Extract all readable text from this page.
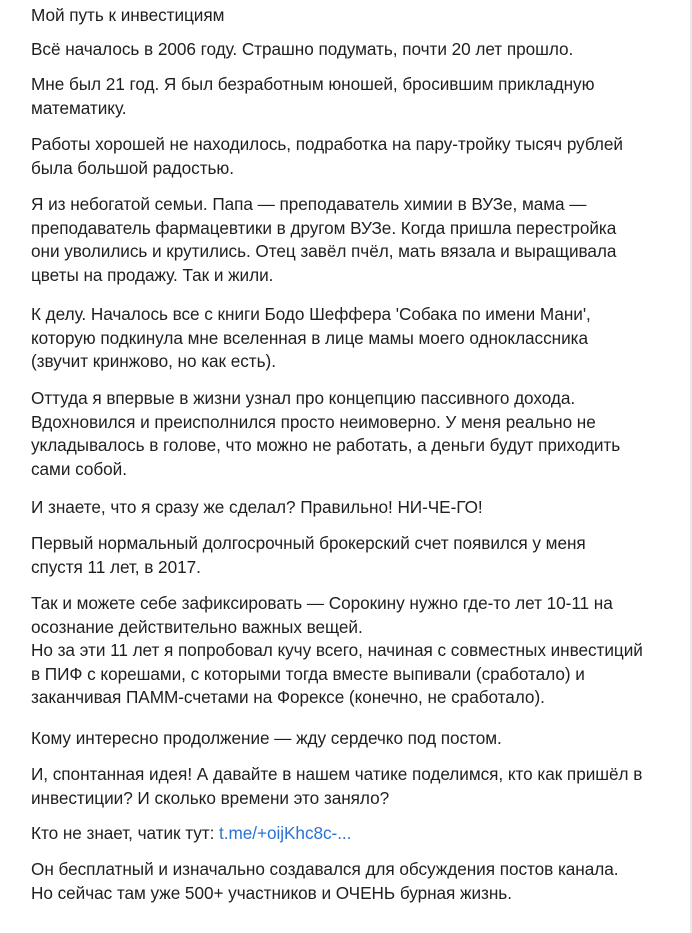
Мой путь к инвестициям

Всё началось в 2006 году. Страшно подумать, почти 20 лет прошло.

Мне был 21 год. Я был безработным юношей, бросившим прикладную
математику.

Работы хорошей не находилось, подработка на пару-тройку тысяч рублей
была большой радостью.

Я из небогатой семьи. Папа — преподаватель химии в ВУЗе, мама —
преподаватель фармацевтики в другом ВУЗе. Когда пришла перестройка
они уволились и крутились. Отец завёл пчёл, мать вязала и выращивала
цветы на продажу. Так и жили.

К делу. Началось все с книги Бодо Шеффера 'Собака по имени Мани',
которую подкинула мне вселенная в лице мамы моего одноклассника
(звучит кринжово, но как есть).

Оттуда я впервые в жизни узнал про концепцию пассивного дохода.
Вдохновился и преисполнился просто неимоверно. У меня реально не
укладывалось в голове, что можно не работать, а деньги будут приходить
сами собой.

И знаете, что я сразу же сделал? Правильно! НИ-ЧЕ-ГО!

Первый нормальный долгосрочный брокерский счет появился у меня
спустя 11 лет, в 2017.

Так и можете себе зафиксировать — Сорокину нужно где-то лет 10-11 на
осознание действительно важных вещей.
Но за эти 11 лет я попробовал кучу всего, начиная с совместных инвестиций
в ПИФ с корешами, с которыми тогда вместе выпивали (сработало) и
заканчивая ПАММ-счетами на Форексе (конечно, не сработало).

Кому интересно продолжение — жду сердечко под постом.

И, спонтанная идея! А давайте в нашем чатике поделимся, кто как пришёл в
инвестиции? И сколько времени это заняло?

Кто не знает, чатик тут: t.me/+oijKhc8c-...

Он бесплатный и изначально создавался для обсуждения постов канала.
Но сейчас там уже 500+ участников и ОЧЕНЬ бурная жизнь.
